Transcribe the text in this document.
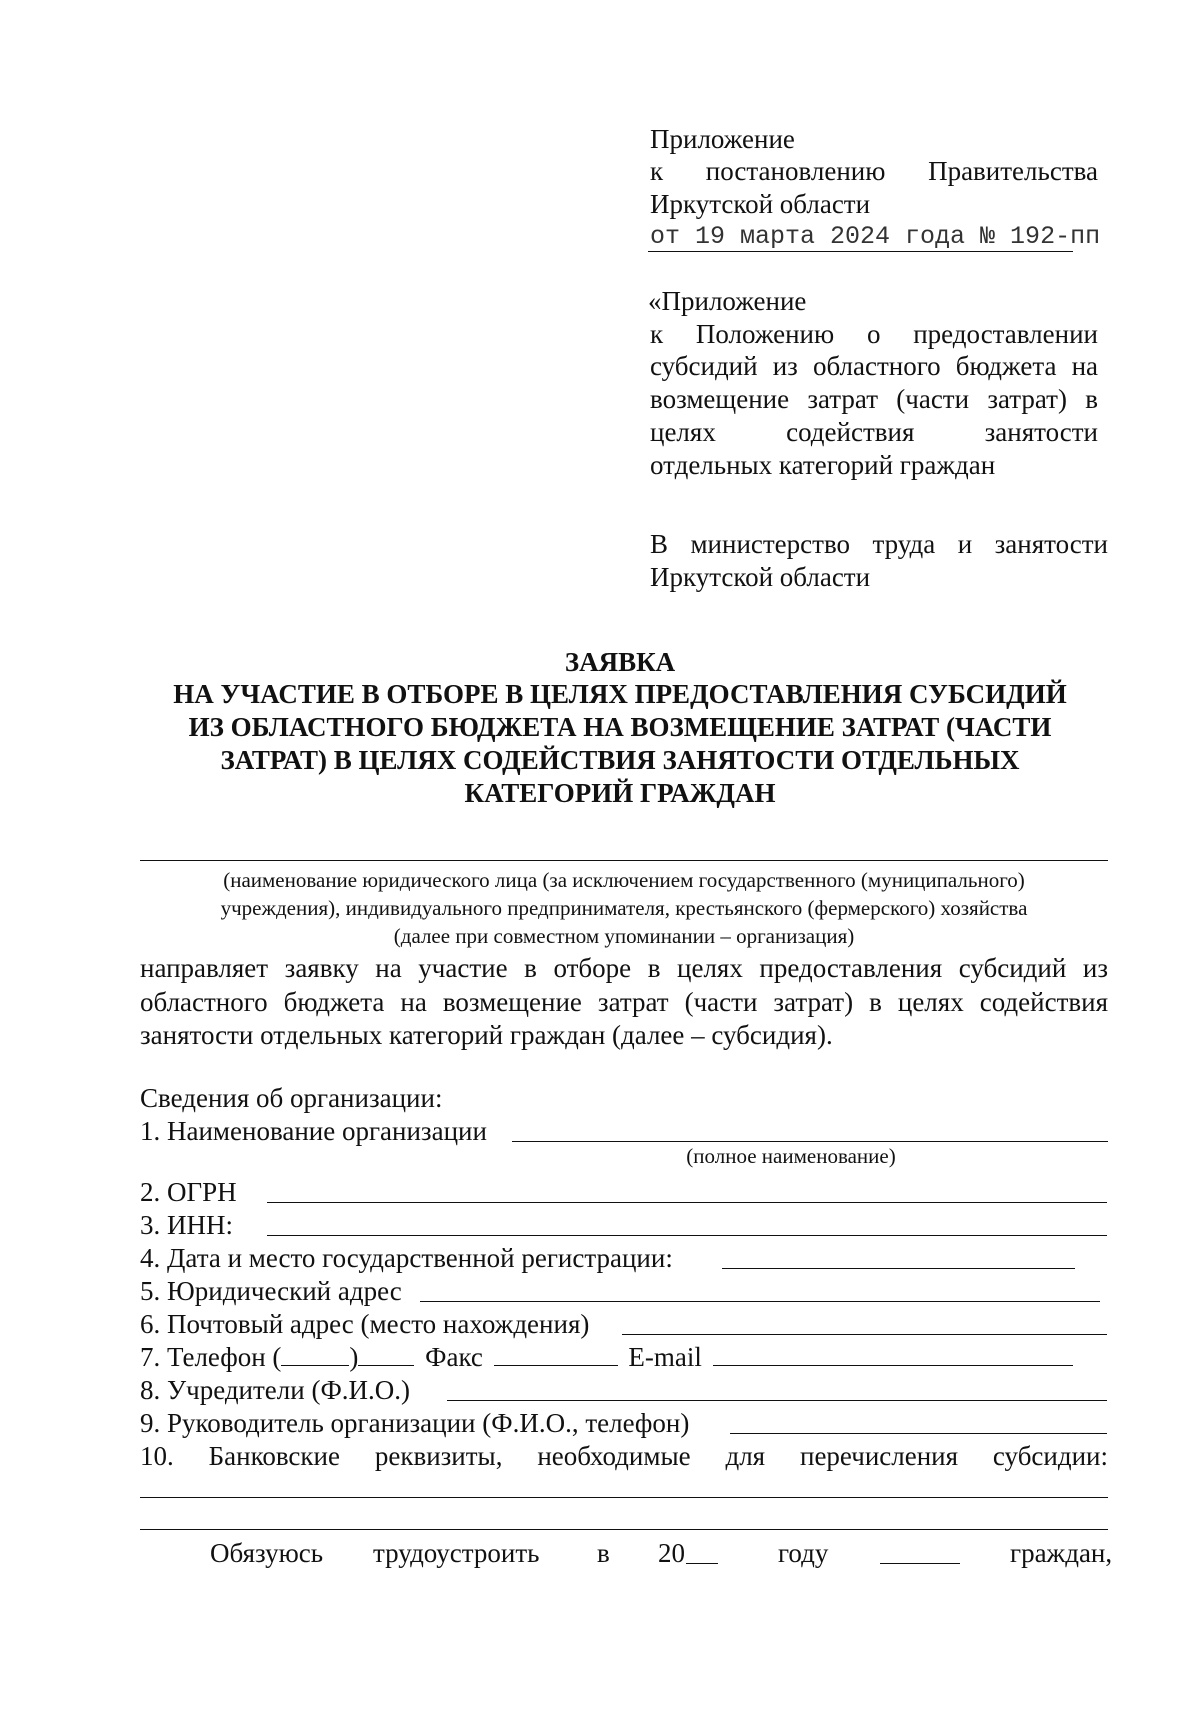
Приложение
к постановлению Правительства
Иркутской области
от 19 марта 2024 года № 192-пп
«Приложение
к Положению о предоставлении
субсидий из областного бюджета на
возмещение затрат (части затрат) в
целях содействия занятости
отдельных категорий граждан
В министерство труда и занятости
Иркутской области
ЗАЯВКА
НА УЧАСТИЕ В ОТБОРЕ В ЦЕЛЯХ ПРЕДОСТАВЛЕНИЯ СУБСИДИЙ
ИЗ ОБЛАСТНОГО БЮДЖЕТА НА ВОЗМЕЩЕНИЕ ЗАТРАТ (ЧАСТИ
ЗАТРАТ) В ЦЕЛЯХ СОДЕЙСТВИЯ ЗАНЯТОСТИ ОТДЕЛЬНЫХ
КАТЕГОРИЙ ГРАЖДАН
(наименование юридического лица (за исключением государственного (муниципального)
учреждения), индивидуального предпринимателя, крестьянского (фермерского) хозяйства
(далее при совместном упоминании – организация)
направляет заявку на участие в отборе в целях предоставления субсидий из
областного бюджета на возмещение затрат (части затрат) в целях содействия
занятости отдельных категорий граждан (далее – субсидия).
Сведения об организации:
1. Наименование организации
(полное наименование)
2. ОГРН
3. ИНН:
4. Дата и место государственной регистрации:
5. Юридический адрес
6. Почтовый адрес (место нахождения)
7. Телефон (	) Факс	E-mail
8. Учредители (Ф.И.О.)
9. Руководитель организации (Ф.И.О., телефон)
10. Банковские реквизиты, необходимые для перечисления субсидии:
Обязуюсь трудоустроить в 20	году	граждан,
